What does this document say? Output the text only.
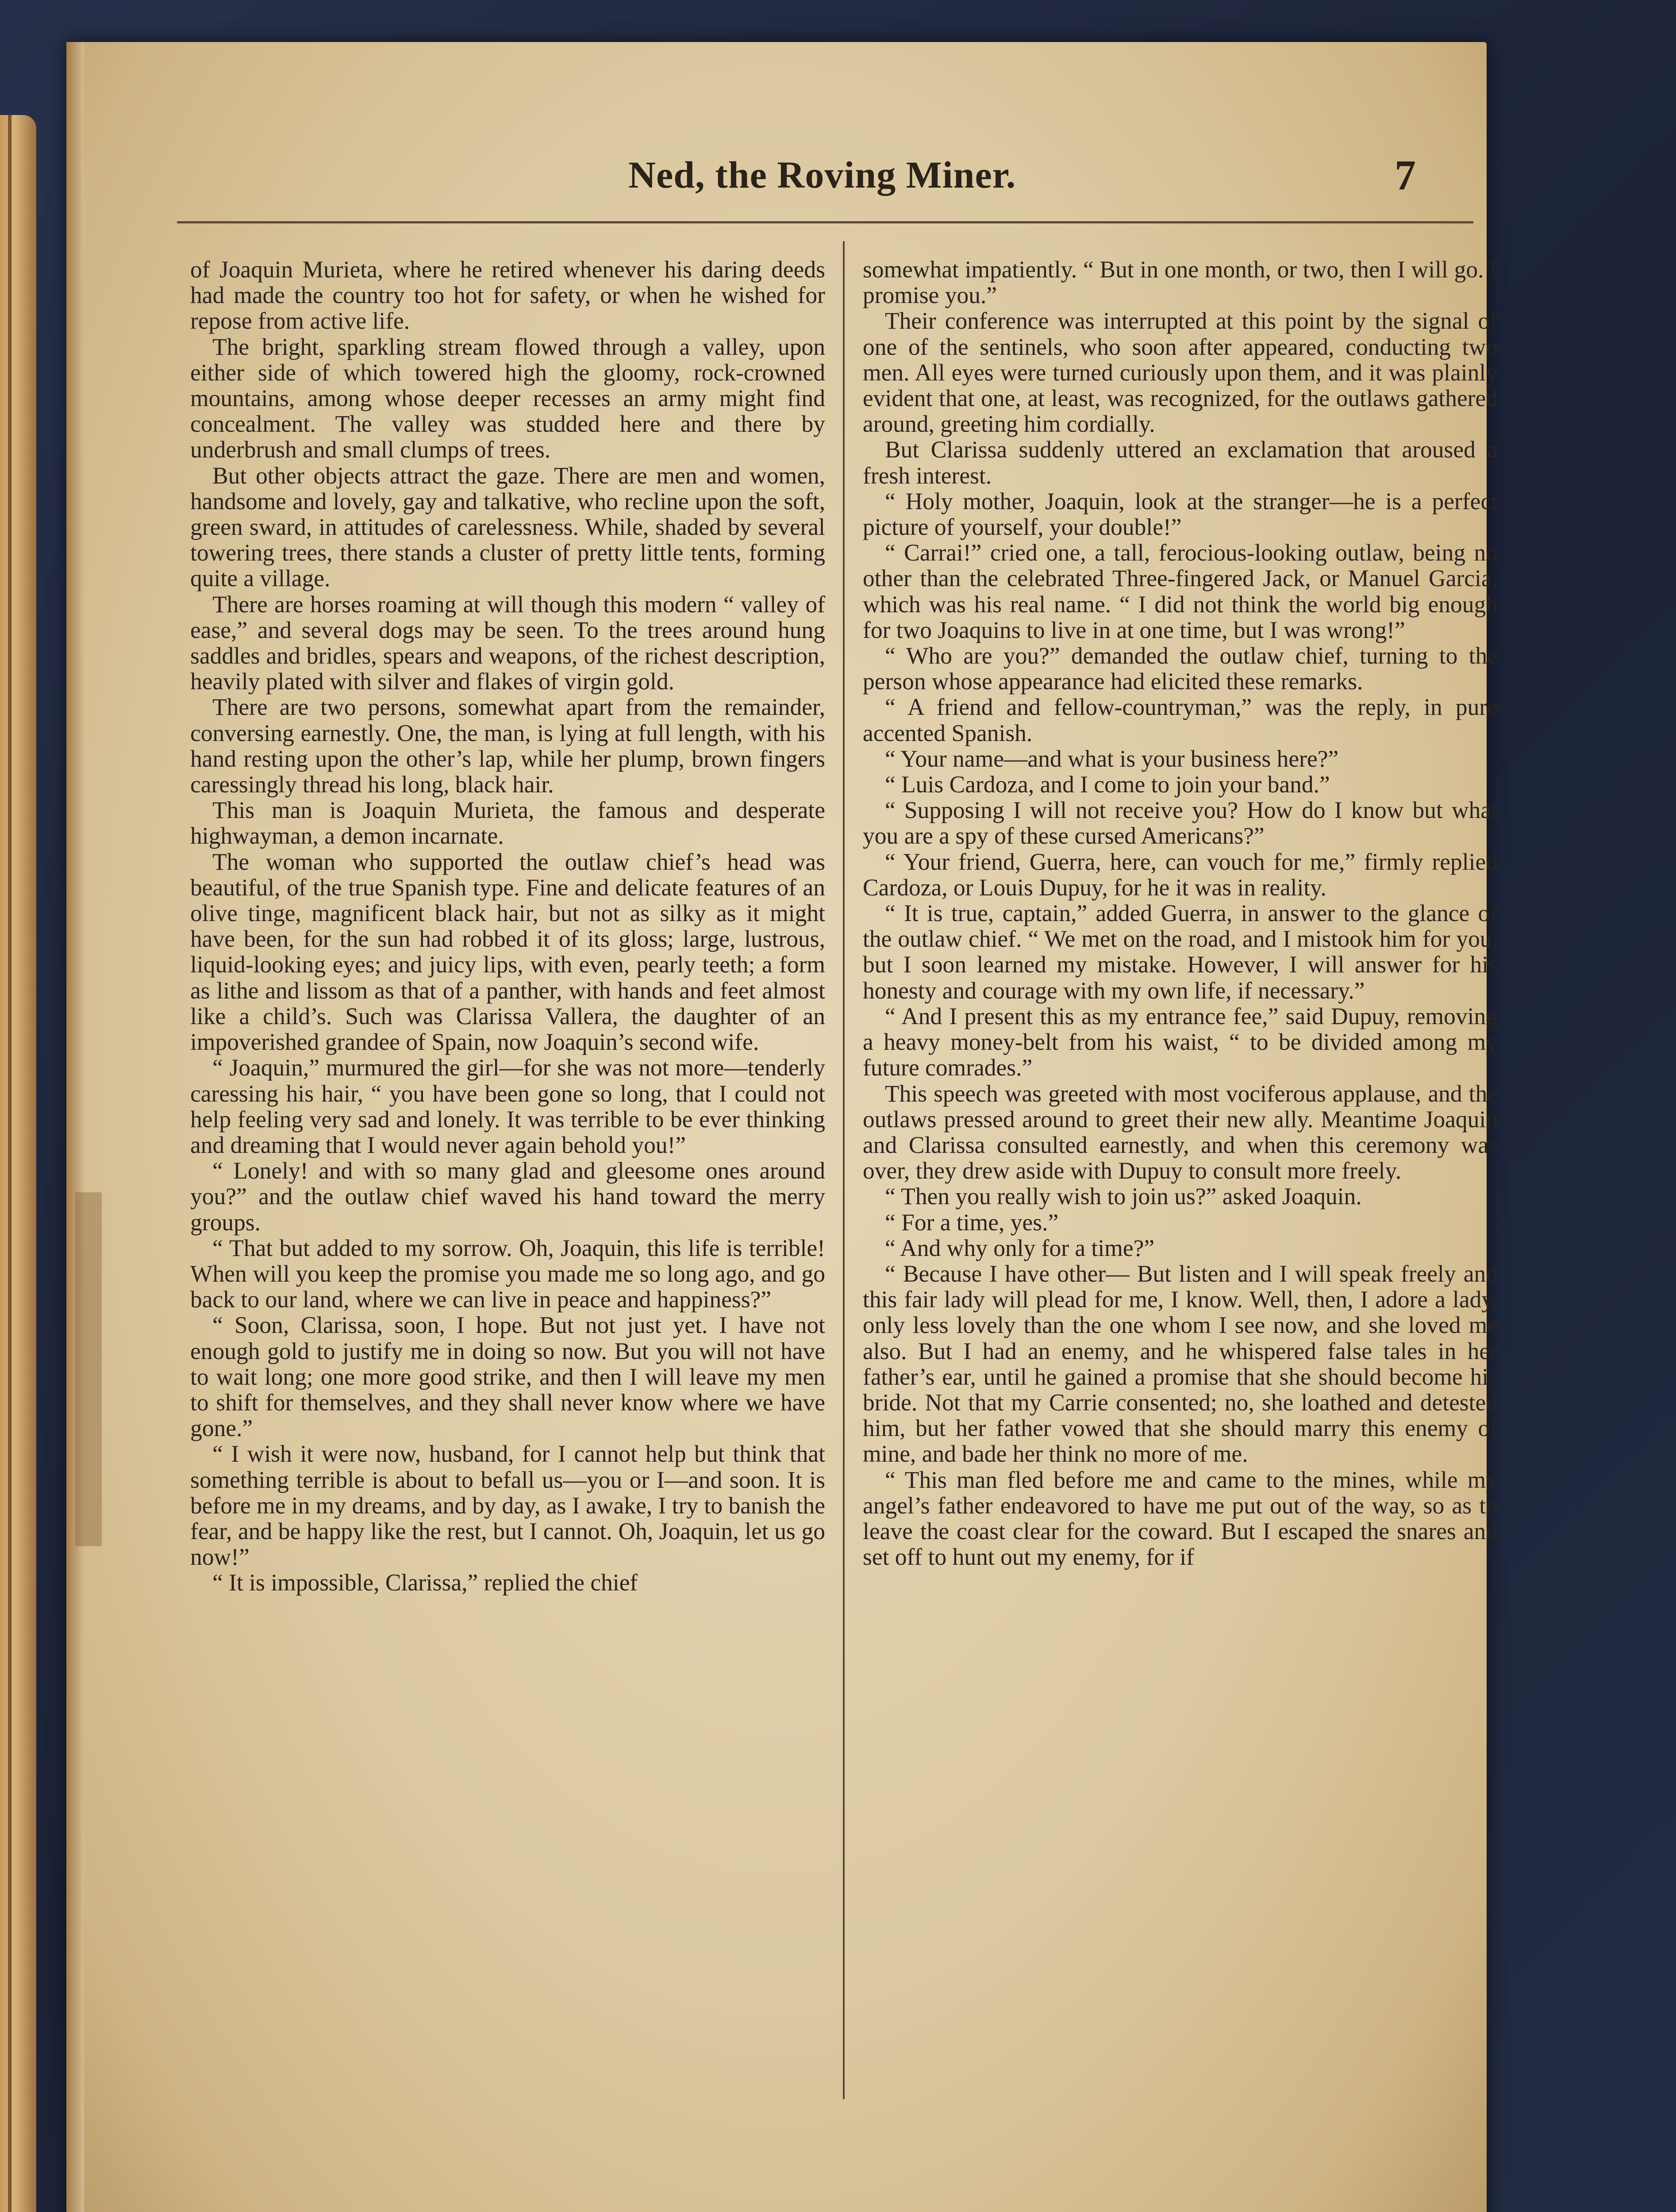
Ned, the Roving Miner.	7

of Joaquin Murieta, where he retired whenever his daring deeds had made the country too hot for safety, or when he wished for repose from active life.

The bright, sparkling stream flowed through a valley, upon either side of which towered high the gloomy, rock-crowned mountains, among whose deeper recesses an army might find concealment. The valley was studded here and there by underbrush and small clumps of trees.

But other objects attract the gaze. There are men and women, handsome and lovely, gay and talkative, who recline upon the soft, green sward, in attitudes of carelessness. While, shaded by several towering trees, there stands a cluster of pretty little tents, forming quite a village.

There are horses roaming at will though this modern “ valley of ease,” and several dogs may be seen. To the trees around hung saddles and bridles, spears and weapons, of the richest description, heavily plated with silver and flakes of virgin gold.

There are two persons, somewhat apart from the remainder, conversing earnestly. One, the man, is lying at full length, with his hand resting upon the other’s lap, while her plump, brown fingers caressingly thread his long, black hair.

This man is Joaquin Murieta, the famous and desperate highwayman, a demon incarnate.

The woman who supported the outlaw chief’s head was beautiful, of the true Spanish type. Fine and delicate features of an olive tinge, magnificent black hair, but not as silky as it might have been, for the sun had robbed it of its gloss; large, lustrous, liquid-looking eyes; and juicy lips, with even, pearly teeth; a form as lithe and lissom as that of a panther, with hands and feet almost like a child’s. Such was Clarissa Vallera, the daughter of an impoverished grandee of Spain, now Joaquin’s second wife.

“ Joaquin,” murmured the girl—for she was not more—tenderly caressing his hair, “ you have been gone so long, that I could not help feeling very sad and lonely. It was terrible to be ever thinking and dreaming that I would never again behold you!”

“ Lonely! and with so many glad and gleesome ones around you?” and the outlaw chief waved his hand toward the merry groups.

“ That but added to my sorrow. Oh, Joaquin, this life is terrible! When will you keep the promise you made me so long ago, and go back to our land, where we can live in peace and happiness?”

“ Soon, Clarissa, soon, I hope. But not just yet. I have not enough gold to justify me in doing so now. But you will not have to wait long; one more good strike, and then I will leave my men to shift for themselves, and they shall never know where we have gone.”

“ I wish it were now, husband, for I cannot help but think that something terrible is about to befall us—you or I—and soon. It is before me in my dreams, and by day, as I awake, I try to banish the fear, and be happy like the rest, but I cannot. Oh, Joaquin, let us go now!”

“ It is impossible, Clarissa,” replied the chief

somewhat impatiently. “ But in one month, or two, then I will go. I promise you.”

Their conference was interrupted at this point by the signal of one of the sentinels, who soon after appeared, conducting two men. All eyes were turned curiously upon them, and it was plainly evident that one, at least, was recognized, for the outlaws gathered around, greeting him cordially.

But Clarissa suddenly uttered an exclamation that aroused a fresh interest.

“ Holy mother, Joaquin, look at the stranger—he is a perfect picture of yourself, your double!”

“ Carrai!” cried one, a tall, ferocious-looking outlaw, being no other than the celebrated Three-fingered Jack, or Manuel Garcia, which was his real name. “ I did not think the world big enough for two Joaquins to live in at one time, but I was wrong!”

“ Who are you?” demanded the outlaw chief, turning to the person whose appearance had elicited these remarks.

“ A friend and fellow-countryman,” was the reply, in pure accented Spanish.

“ Your name—and what is your business here?”

“ Luis Cardoza, and I come to join your band.”

“ Supposing I will not receive you? How do I know but what you are a spy of these cursed Americans?”

“ Your friend, Guerra, here, can vouch for me,” firmly replied Cardoza, or Louis Dupuy, for he it was in reality.

“ It is true, captain,” added Guerra, in answer to the glance of the outlaw chief. “ We met on the road, and I mistook him for you, but I soon learned my mistake. However, I will answer for his honesty and courage with my own life, if necessary.”

“ And I present this as my entrance fee,” said Dupuy, removing a heavy money-belt from his waist, “ to be divided among my future comrades.”

This speech was greeted with most vociferous applause, and the outlaws pressed around to greet their new ally. Meantime Joaquin and Clarissa consulted earnestly, and when this ceremony was over, they drew aside with Dupuy to consult more freely.

“ Then you really wish to join us?” asked Joaquin.

“ For a time, yes.”

“ And why only for a time?”

“ Because I have other— But listen and I will speak freely and this fair lady will plead for me, I know. Well, then, I adore a lady, only less lovely than the one whom I see now, and she loved me also. But I had an enemy, and he whispered false tales in her father’s ear, until he gained a promise that she should become his bride. Not that my Carrie consented; no, she loathed and detested him, but her father vowed that she should marry this enemy of mine, and bade her think no more of me.

“ This man fled before me and came to the mines, while my angel’s father endeavored to have me put out of the way, so as to leave the coast clear for the coward. But I escaped the snares and set off to hunt out my enemy, for if
